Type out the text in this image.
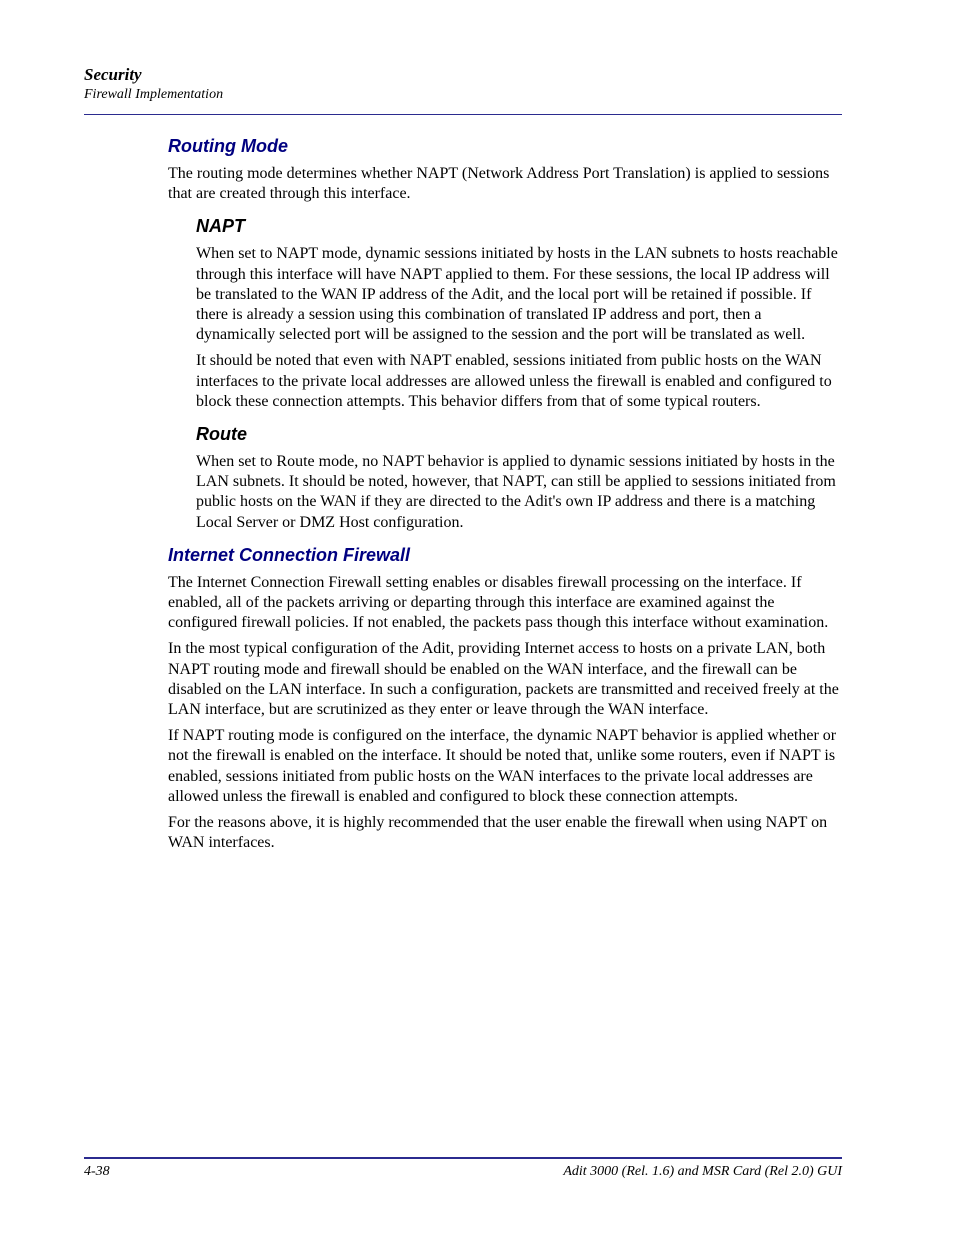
Security
Firewall Implementation
Routing Mode

The routing mode determines whether NAPT (Network Address Port Translation) is applied to sessions that are created through this interface.

NAPT

When set to NAPT mode, dynamic sessions initiated by hosts in the LAN subnets to hosts reachable through this interface will have NAPT applied to them. For these sessions, the local IP address will be translated to the WAN IP address of the Adit, and the local port will be retained if possible. If there is already a session using this combination of translated IP address and port, then a dynamically selected port will be assigned to the session and the port will be translated as well.

It should be noted that even with NAPT enabled, sessions initiated from public hosts on the WAN interfaces to the private local addresses are allowed unless the firewall is enabled and configured to block these connection attempts. This behavior differs from that of some typical routers.

Route

When set to Route mode, no NAPT behavior is applied to dynamic sessions initiated by hosts in the LAN subnets. It should be noted, however, that NAPT, can still be applied to sessions initiated from public hosts on the WAN if they are directed to the Adit's own IP address and there is a matching Local Server or DMZ Host configuration.

Internet Connection Firewall

The Internet Connection Firewall setting enables or disables firewall processing on the interface. If enabled, all of the packets arriving or departing through this interface are examined against the configured firewall policies. If not enabled, the packets pass though this interface without examination.

In the most typical configuration of the Adit, providing Internet access to hosts on a private LAN, both NAPT routing mode and firewall should be enabled on the WAN interface, and the firewall can be disabled on the LAN interface. In such a configuration, packets are transmitted and received freely at the LAN interface, but are scrutinized as they enter or leave through the WAN interface.

If NAPT routing mode is configured on the interface, the dynamic NAPT behavior is applied whether or not the firewall is enabled on the interface. It should be noted that, unlike some routers, even if NAPT is enabled, sessions initiated from public hosts on the WAN interfaces to the private local addresses are allowed unless the firewall is enabled and configured to block these connection attempts.

For the reasons above, it is highly recommended that the user enable the firewall when using NAPT on WAN interfaces.

4-38	Adit 3000 (Rel. 1.6) and MSR Card (Rel 2.0) GUI
